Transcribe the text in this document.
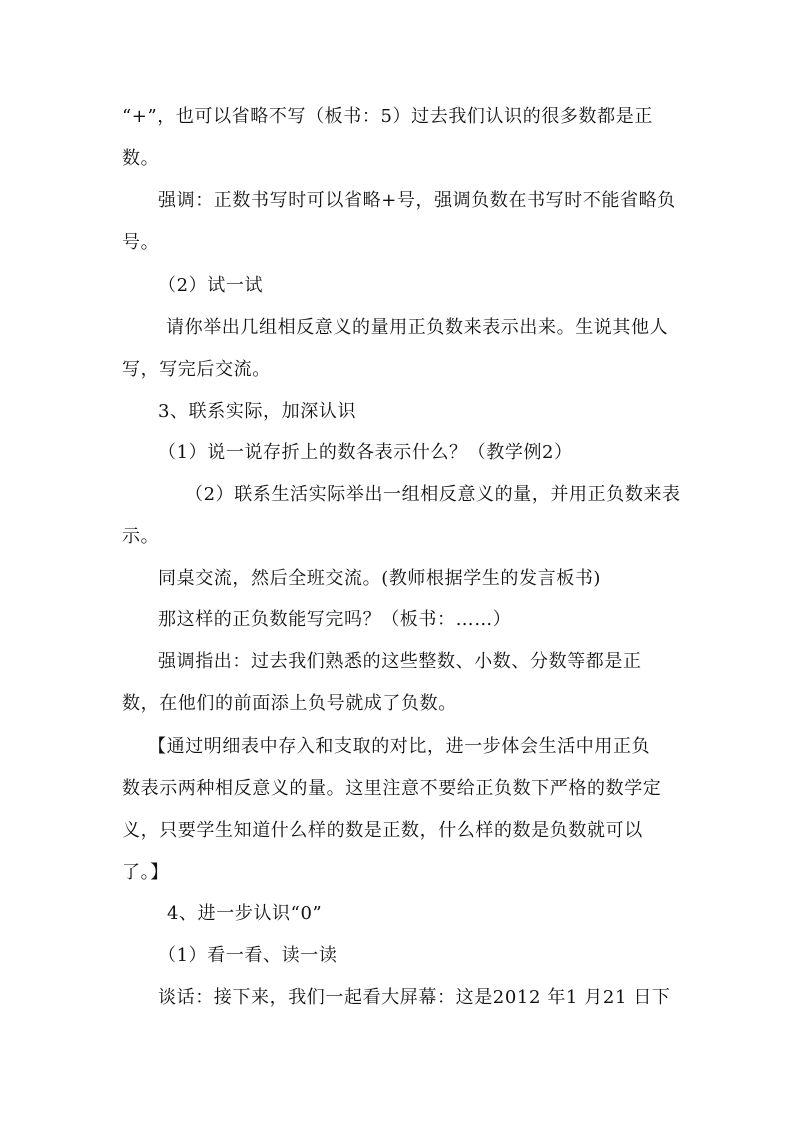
“+”，也可以省略不写（板书：5）过去我们认识的很多数都是正
数。
强调：正数书写时可以省略+号，强调负数在书写时不能省略负
号。
（2）试一试
请你举出几组相反意义的量用正负数来表示出来。生说其他人
写，写完后交流。
3、联系实际，加深认识
（1）说一说存折上的数各表示什么？（教学例2）
（2）联系生活实际举出一组相反意义的量，并用正负数来表
示。
同桌交流，然后全班交流。(教师根据学生的发言板书)
那这样的正负数能写完吗？（板书：……）
强调指出：过去我们熟悉的这些整数、小数、分数等都是正
数，在他们的前面添上负号就成了负数。
【通过明细表中存入和支取的对比，进一步体会生活中用正负
数表示两种相反意义的量。这里注意不要给正负数下严格的数学定
义，只要学生知道什么样的数是正数，什么样的数是负数就可以
了。】
4、进一步认识“0”
（1）看一看、读一读
谈话：接下来，我们一起看大屏幕：这是2012 年1 月21 日下
